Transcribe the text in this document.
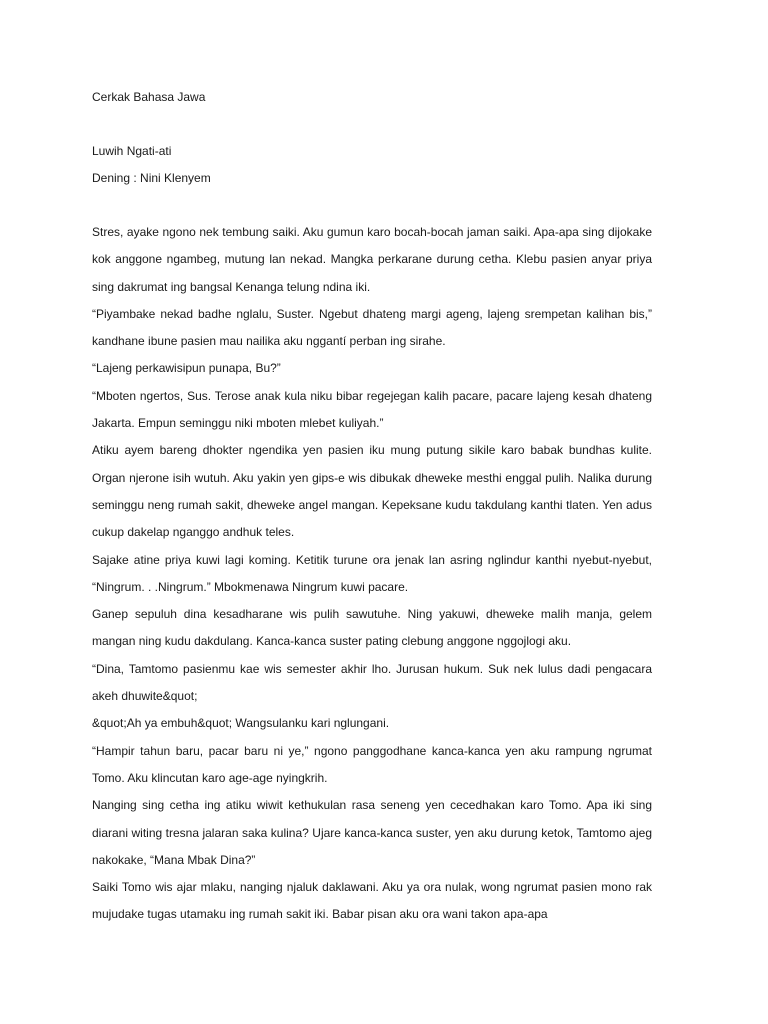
Cerkak Bahasa Jawa
Luwih Ngati-ati
Dening : Nini Klenyem

Stres, ayake ngono nek tembung saiki. Aku gumun karo bocah-bocah jaman saiki. Apa-apa sing dijokake kok anggone ngambeg, mutung lan nekad. Mangka perkarane durung cetha. Klebu pasien anyar priya sing dakrumat ing bangsal Kenanga telung ndina iki.

“Piyambake nekad badhe nglalu, Suster. Ngebut dhateng margi ageng, lajeng srempetan kalihan bis,” kandhane ibune pasien mau nailika aku nggantí perban ing sirahe.

“Lajeng perkawisipun punapa, Bu?”

“Mboten ngertos, Sus. Terose anak kula niku bibar regejegan kalih pacare, pacare lajeng kesah dhateng Jakarta. Empun seminggu niki mboten mlebet kuliyah.”

Atiku ayem bareng dhokter ngendika yen pasien iku mung putung sikile karo babak bundhas kulite. Organ njerone isih wutuh. Aku yakin yen gips-e wis dibukak dheweke mesthi enggal pulih. Nalika durung seminggu neng rumah sakit, dheweke angel mangan. Kepeksane kudu takdulang kanthi tlaten. Yen adus cukup dakelap nganggo andhuk teles.

Sajake atine priya kuwi lagi koming. Ketitik turune ora jenak lan asring nglindur kanthi nyebut-nyebut, “Ningrum. . .Ningrum.” Mbokmenawa Ningrum kuwi pacare.

Ganep sepuluh dina kesadharane wis pulih sawutuhe. Ning yakuwi, dheweke malih manja, gelem mangan ning kudu dakdulang. Kanca-kanca suster pating clebung anggone nggojlogi aku.

“Dina, Tamtomo pasienmu kae wis semester akhir lho. Jurusan hukum. Suk nek lulus dadi pengacara akeh dhuwite&quot;

&quot;Ah ya embuh&quot; Wangsulanku kari nglungani.

“Hampir tahun baru, pacar baru ni ye,” ngono panggodhane kanca-kanca yen aku rampung ngrumat Tomo. Aku klincutan karo age-age nyingkrih.

Nanging sing cetha ing atiku wiwit kethukulan rasa seneng yen cecedhakan karo Tomo. Apa iki sing diarani witing tresna jalaran saka kulina? Ujare kanca-kanca suster, yen aku durung ketok, Tamtomo ajeg nakokake, “Mana Mbak Dina?”

Saiki Tomo wis ajar mlaku, nanging njaluk daklawani. Aku ya ora nulak, wong ngrumat pasien mono rak mujudake tugas utamaku ing rumah sakit iki. Babar pisan aku ora wani takon apa-apa
